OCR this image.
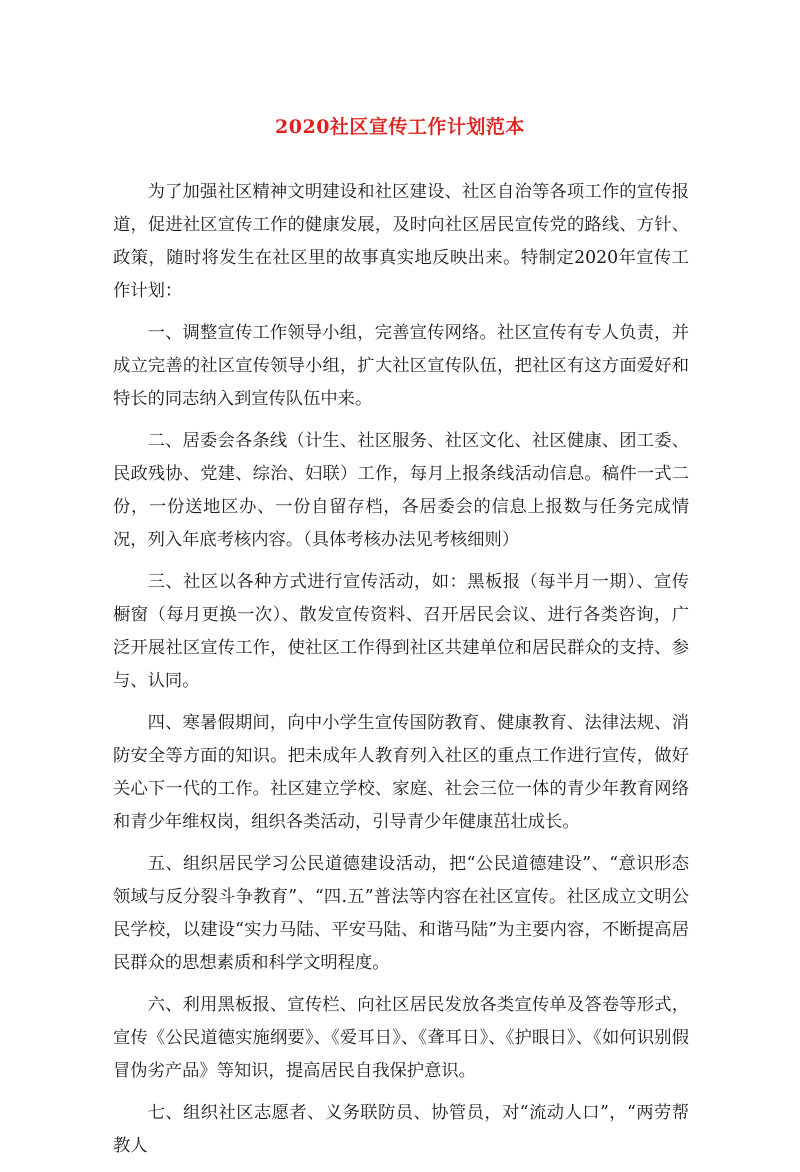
2020社区宣传工作计划范本

为了加强社区精神文明建设和社区建设、社区自治等各项工作的宣传报道，促进社区宣传工作的健康发展，及时向社区居民宣传党的路线、方针、政策，随时将发生在社区里的故事真实地反映出来。特制定2020年宣传工作计划：

一、调整宣传工作领导小组，完善宣传网络。社区宣传有专人负责，并成立完善的社区宣传领导小组，扩大社区宣传队伍，把社区有这方面爱好和特长的同志纳入到宣传队伍中来。

二、居委会各条线（计生、社区服务、社区文化、社区健康、团工委、民政残协、党建、综治、妇联）工作，每月上报条线活动信息。稿件一式二份，一份送地区办、一份自留存档，各居委会的信息上报数与任务完成情况，列入年底考核内容。（具体考核办法见考核细则）

三、社区以各种方式进行宣传活动，如：黑板报（每半月一期）、宣传橱窗（每月更换一次）、散发宣传资料、召开居民会议、进行各类咨询，广泛开展社区宣传工作，使社区工作得到社区共建单位和居民群众的支持、参与、认同。

四、寒暑假期间，向中小学生宣传国防教育、健康教育、法律法规、消防安全等方面的知识。把未成年人教育列入社区的重点工作进行宣传，做好关心下一代的工作。社区建立学校、家庭、社会三位一体的青少年教育网络和青少年维权岗，组织各类活动，引导青少年健康茁壮成长。

五、组织居民学习公民道德建设活动，把“公民道德建设”、“意识形态领域与反分裂斗争教育”、“四.五”普法等内容在社区宣传。社区成立文明公民学校，以建设“实力马陆、平安马陆、和谐马陆”为主要内容，不断提高居民群众的思想素质和科学文明程度。

六、利用黑板报、宣传栏、向社区居民发放各类宣传单及答卷等形式，宣传《公民道德实施纲要》、《爱耳日》、《聋耳日》、《护眼日》、《如何识别假冒伪劣产品》等知识，提高居民自我保护意识。

七、组织社区志愿者、义务联防员、协管员，对“流动人口”，“两劳帮教人
